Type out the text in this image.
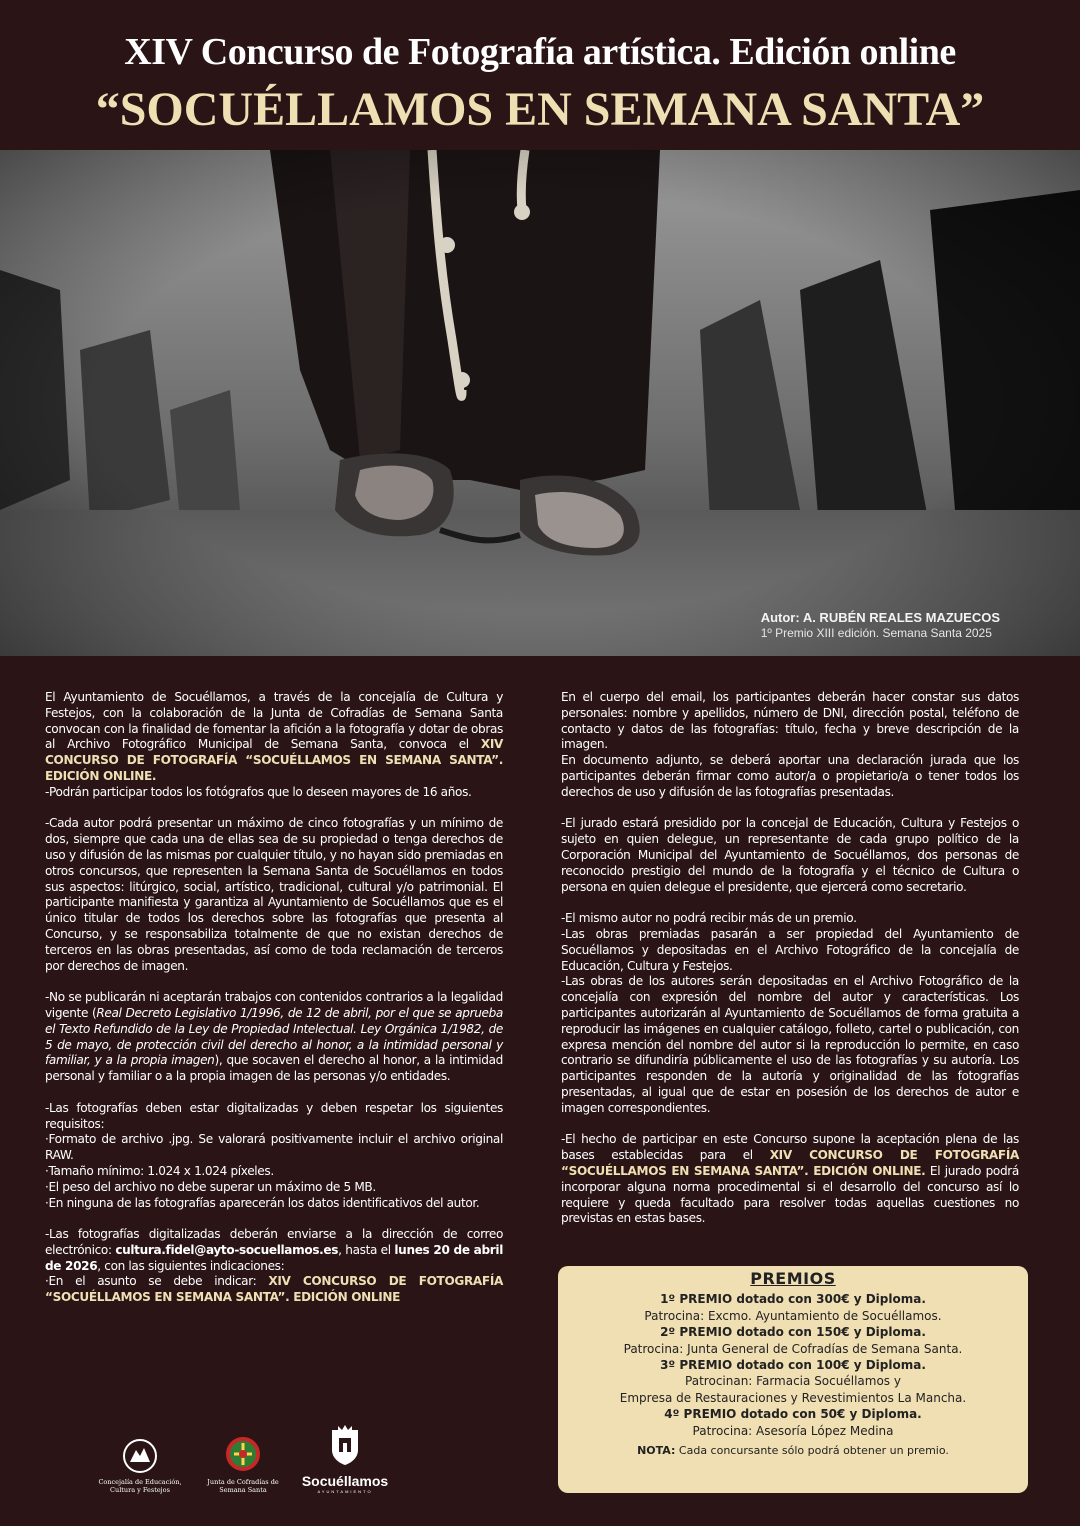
XIV Concurso de Fotografía artística. Edición online
“SOCUÉLLAMOS EN SEMANA SANTA”
Autor: A. RUBÉN REALES MAZUECOS
1º Premio XIII edición. Semana Santa 2025

El Ayuntamiento de Socuéllamos, a través de la concejalía de Cultura y Festejos, con la colaboración de la Junta de Cofradías de Semana Santa convocan con la finalidad de fomentar la afición a la fotografía y dotar de obras al Archivo Fotográfico Municipal de Semana Santa, convoca el XIV CONCURSO DE FOTOGRAFÍA “SOCUÉLLAMOS EN SEMANA SANTA”. EDICIÓN ONLINE.

-Podrán participar todos los fotógrafos que lo deseen mayores de 16 años.

-Cada autor podrá presentar un máximo de cinco fotografías y un mínimo de dos, siempre que cada una de ellas sea de su propiedad o tenga derechos de uso y difusión de las mismas por cualquier título, y no hayan sido premiadas en otros concursos, que representen la Semana Santa de Socuéllamos en todos sus aspectos: litúrgico, social, artístico, tradicional, cultural y/o patrimonial. El participante manifiesta y garantiza al Ayuntamiento de Socuéllamos que es el único titular de todos los derechos sobre las fotografías que presenta al Concurso, y se responsabiliza totalmente de que no existan derechos de terceros en las obras presentadas, así como de toda reclamación de terceros por derechos de imagen.

-No se publicarán ni aceptarán trabajos con contenidos contrarios a la legalidad vigente (Real Decreto Legislativo 1/1996, de 12 de abril, por el que se aprueba el Texto Refundido de la Ley de Propiedad Intelectual. Ley Orgánica 1/1982, de 5 de mayo, de protección civil del derecho al honor, a la intimidad personal y familiar, y a la propia imagen), que socaven el derecho al honor, a la intimidad personal y familiar o a la propia imagen de las personas y/o entidades.

-Las fotografías deben estar digitalizadas y deben respetar los siguientes requisitos:

·Formato de archivo .jpg. Se valorará positivamente incluir el archivo original RAW.

·Tamaño mínimo: 1.024 x 1.024 píxeles.

·El peso del archivo no debe superar un máximo de 5 MB.

·En ninguna de las fotografías aparecerán los datos identificativos del autor.

-Las fotografías digitalizadas deberán enviarse a la dirección de correo electrónico: cultura.fidel@ayto-socuellamos.es, hasta el lunes 20 de abril de 2026, con las siguientes indicaciones:

·En el asunto se debe indicar: XIV CONCURSO DE FOTOGRAFÍA “SOCUÉLLAMOS EN SEMANA SANTA”. EDICIÓN ONLINE

En el cuerpo del email, los participantes deberán hacer constar sus datos personales: nombre y apellidos, número de DNI, dirección postal, teléfono de contacto y datos de las fotografías: título, fecha y breve descripción de la imagen.

En documento adjunto, se deberá aportar una declaración jurada que los participantes deberán firmar como autor/a o propietario/a o tener todos los derechos de uso y difusión de las fotografías presentadas.

-El jurado estará presidido por la concejal de Educación, Cultura y Festejos o sujeto en quien delegue, un representante de cada grupo político de la Corporación Municipal del Ayuntamiento de Socuéllamos, dos personas de reconocido prestigio del mundo de la fotografía y el técnico de Cultura o persona en quien delegue el presidente, que ejercerá como secretario.

-El mismo autor no podrá recibir más de un premio.

-Las obras premiadas pasarán a ser propiedad del Ayuntamiento de Socuéllamos y depositadas en el Archivo Fotográfico de la concejalía de Educación, Cultura y Festejos.

-Las obras de los autores serán depositadas en el Archivo Fotográfico de la concejalía con expresión del nombre del autor y características. Los participantes autorizarán al Ayuntamiento de Socuéllamos de forma gratuita a reproducir las imágenes en cualquier catálogo, folleto, cartel o publicación, con expresa mención del nombre del autor si la reproducción lo permite, en caso contrario se difundiría públicamente el uso de las fotografías y su autoría. Los participantes responden de la autoría y originalidad de las fotografías presentadas, al igual que de estar en posesión de los derechos de autor e imagen correspondientes.

-El hecho de participar en este Concurso supone la aceptación plena de las bases establecidas para el XIV CONCURSO DE FOTOGRAFÍA “SOCUÉLLAMOS EN SEMANA SANTA”. EDICIÓN ONLINE. El jurado podrá incorporar alguna norma procedimental si el desarrollo del concurso así lo requiere y queda facultado para resolver todas aquellas cuestiones no previstas en estas bases.

PREMIOS
1º PREMIO dotado con 300€ y Diploma.
Patrocina: Excmo. Ayuntamiento de Socuéllamos.
2º PREMIO dotado con 150€ y Diploma.
Patrocina: Junta General de Cofradías de Semana Santa.
3º PREMIO dotado con 100€ y Diploma.
Patrocinan: Farmacia Socuéllamos y
Empresa de Restauraciones y Revestimientos La Mancha.
4º PREMIO dotado con 50€ y Diploma.
Patrocina: Asesoría López Medina
NOTA: Cada concursante sólo podrá obtener un premio.
Concejalía de Educación, Cultura y Festejos
Junta de Cofradías de Semana Santa
Socuéllamos
AYUNTAMIENTO
